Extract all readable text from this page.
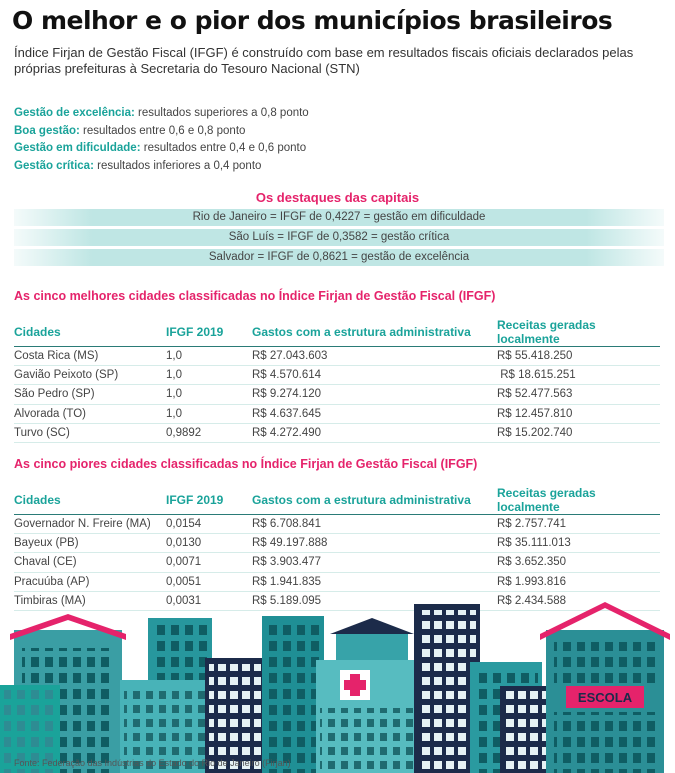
O melhor e o pior dos municípios brasileiros
Índice Firjan de Gestão Fiscal (IFGF) é construído com base em resultados fiscais oficiais declarados pelas próprias prefeituras à Secretaria do Tesouro Nacional (STN)
Gestão de excelência: resultados superiores a 0,8 ponto
Boa gestão: resultados entre 0,6 e 0,8 ponto
Gestão em dificuldade: resultados entre 0,4 e 0,6 ponto
Gestão crítica: resultados inferiores a 0,4 ponto
Os destaques das capitais
Rio de Janeiro = IFGF de 0,4227 = gestão em dificuldade
São Luís = IFGF de 0,3582 = gestão crítica
Salvador = IFGF de 0,8621 = gestão de excelência
As cinco melhores cidades classificadas no Índice Firjan de Gestão Fiscal (IFGF)
Cidades	IFGF 2019	Gastos com a estrutura administrativa	Receitas geradas localmente
Costa Rica (MS)	1,0	R$ 27.043.603	R$ 55.418.250
Gavião Peixoto (SP)	1,0	R$ 4.570.614	R$ 18.615.251
São Pedro (SP)	1,0	R$ 9.274.120	R$ 52.477.563
Alvorada (TO)	1,0	R$ 4.637.645	R$ 12.457.810
Turvo (SC)	0,9892	R$ 4.272.490	R$ 15.202.740
As cinco piores cidades classificadas no Índice Firjan de Gestão Fiscal (IFGF)
Cidades	IFGF 2019	Gastos com a estrutura administrativa	Receitas geradas localmente
Governador N. Freire (MA)	0,0154	R$ 6.708.841	R$ 2.757.741
Bayeux (PB)	0,0130	R$ 49.197.888	R$ 35.111.013
Chaval (CE)	0,0071	R$ 3.903.477	R$ 3.652.350
Pracuúba (AP)	0,0051	R$ 1.941.835	R$ 1.993.816
Timbiras (MA)	0,0031	R$ 5.189.095	R$ 2.434.588
ESCOLA
Fonte: Federação das Indústrias do Estado do Rio de Janeiro (Firjan)
